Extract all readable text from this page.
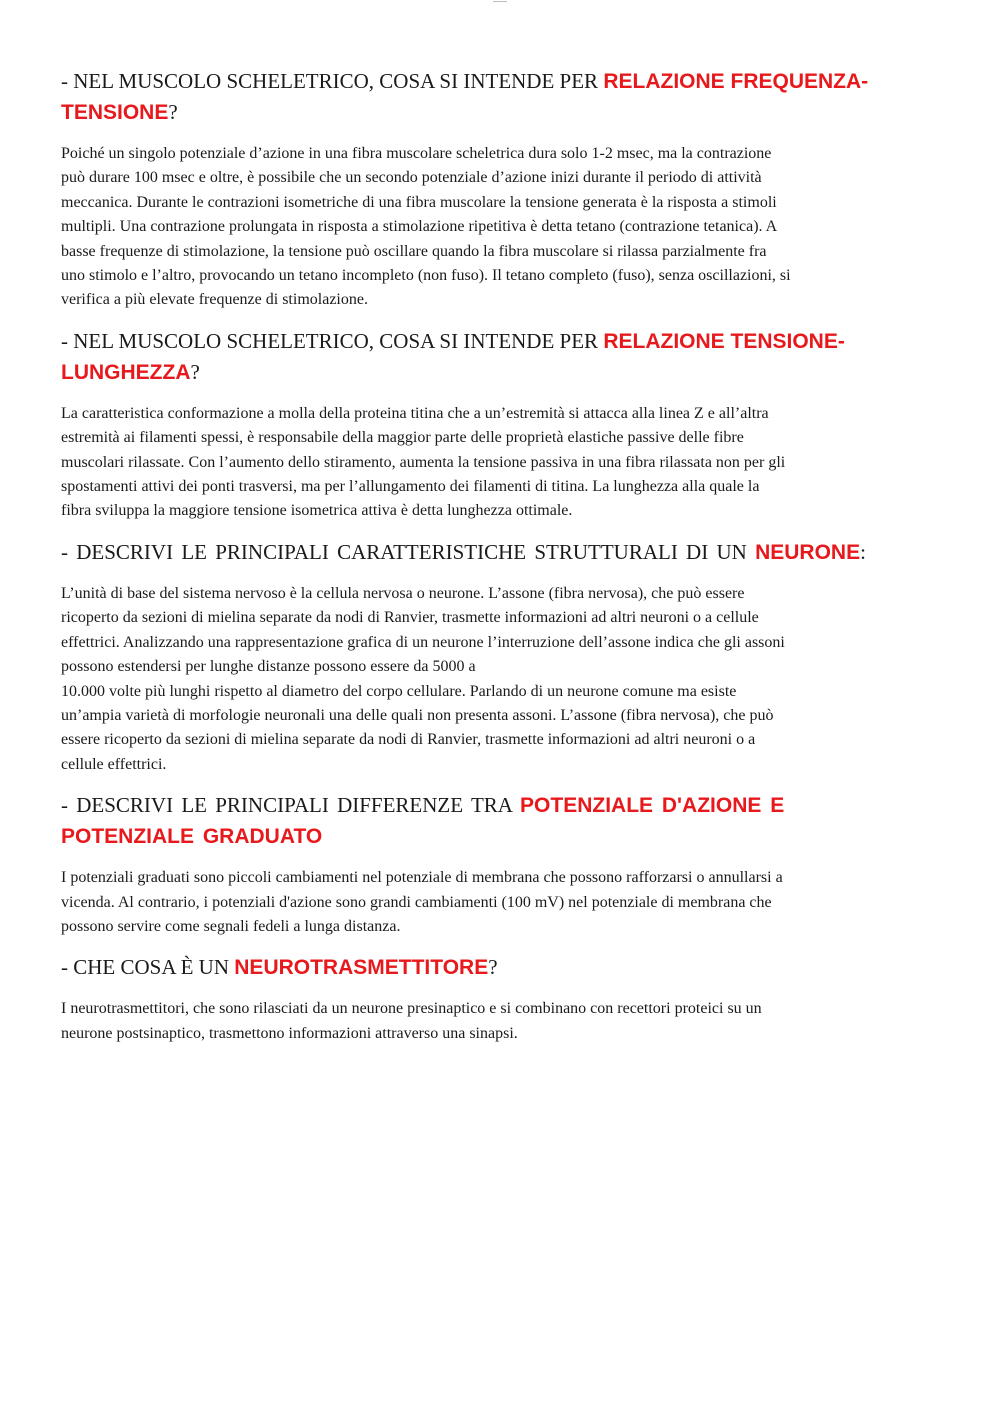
- NEL MUSCOLO SCHELETRICO, COSA SI INTENDE PER RELAZIONE FREQUENZA-TENSIONE?

Poiché un singolo potenziale d’azione in una fibra muscolare scheletrica dura solo 1-2 msec, ma la contrazione
può durare 100 msec e oltre, è possibile che un secondo potenziale d’azione inizi durante il periodo di attività
meccanica. Durante le contrazioni isometriche di una fibra muscolare la tensione generata è la risposta a stimoli
multipli. Una contrazione prolungata in risposta a stimolazione ripetitiva è detta tetano (contrazione tetanica). A
basse frequenze di stimolazione, la tensione può oscillare quando la fibra muscolare si rilassa parzialmente fra
uno stimolo e l’altro, provocando un tetano incompleto (non fuso). Il tetano completo (fuso), senza oscillazioni, si
verifica a più elevate frequenze di stimolazione.

- NEL MUSCOLO SCHELETRICO, COSA SI INTENDE PER RELAZIONE TENSIONE-LUNGHEZZA?

La caratteristica conformazione a molla della proteina titina che a un’estremità si attacca alla linea Z e all’altra
estremità ai filamenti spessi, è responsabile della maggior parte delle proprietà elastiche passive delle fibre
muscolari rilassate. Con l’aumento dello stiramento, aumenta la tensione passiva in una fibra rilassata non per gli
spostamenti attivi dei ponti trasversi, ma per l’allungamento dei filamenti di titina. La lunghezza alla quale la
fibra sviluppa la maggiore tensione isometrica attiva è detta lunghezza ottimale.

- DESCRIVI LE PRINCIPALI CARATTERISTICHE STRUTTURALI DI UN NEURONE:

L’unità di base del sistema nervoso è la cellula nervosa o neurone. L’assone (fibra nervosa), che può essere
ricoperto da sezioni di mielina separate da nodi di Ranvier, trasmette informazioni ad altri neuroni o a cellule
effettrici. Analizzando una rappresentazione grafica di un neurone l’interruzione dell’assone indica che gli assoni
possono estendersi per lunghe distanze possono essere da 5000 a
10.000 volte più lunghi rispetto al diametro del corpo cellulare. Parlando di un neurone comune ma esiste
un’ampia varietà di morfologie neuronali una delle quali non presenta assoni. L’assone (fibra nervosa), che può
essere ricoperto da sezioni di mielina separate da nodi di Ranvier, trasmette informazioni ad altri neuroni o a
cellule effettrici.

- DESCRIVI LE PRINCIPALI DIFFERENZE TRA POTENZIALE D'AZIONE E POTENZIALE GRADUATO

I potenziali graduati sono piccoli cambiamenti nel potenziale di membrana che possono rafforzarsi o annullarsi a
vicenda. Al contrario, i potenziali d'azione sono grandi cambiamenti (100 mV) nel potenziale di membrana che
possono servire come segnali fedeli a lunga distanza.

- CHE COSA È UN NEUROTRASMETTITORE?

I neurotrasmettitori, che sono rilasciati da un neurone presinaptico e si combinano con recettori proteici su un
neurone postsinaptico, trasmettono informazioni attraverso una sinapsi.
